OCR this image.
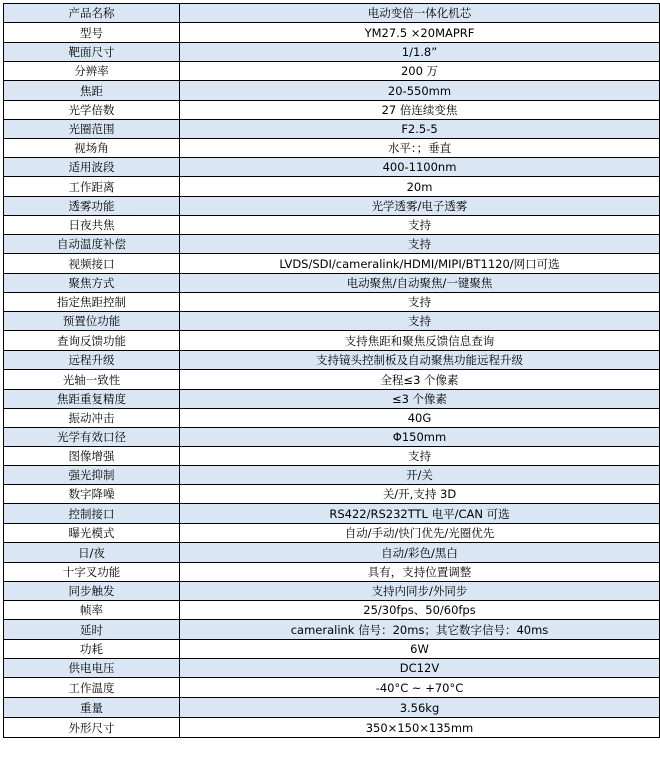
产品名称	电动变倍一体化机芯
型号	YM27.5 ×20MAPRF
靶面尺寸	1/1.8”
分辨率	200 万
焦距	20-550mm
光学倍数	27 倍连续变焦
光圈范围	F2.5-5
视场角	水平：；垂直
适用波段	400-1100nm
工作距离	20m
透雾功能	光学透雾/电子透雾
日夜共焦	支持
自动温度补偿	支持
视频接口	LVDS/SDI/cameralink/HDMI/MIPI/BT1120/网口可选
聚焦方式	电动聚焦/自动聚焦/一键聚焦
指定焦距控制	支持
预置位功能	支持
查询反馈功能	支持焦距和聚焦反馈信息查询
远程升级	支持镜头控制板及自动聚焦功能远程升级
光轴一致性	全程≤3 个像素
焦距重复精度	≤3 个像素
振动冲击	40G
光学有效口径	Φ150mm
图像增强	支持
强光抑制	开/关
数字降噪	关/开,支持 3D
控制接口	RS422/RS232TTL 电平/CAN 可选
曝光模式	自动/手动/快门优先/光圈优先
日/夜	自动/彩色/黑白
十字叉功能	具有，支持位置调整
同步触发	支持内同步/外同步
帧率	25/30fps、50/60fps
延时	cameralink 信号：20ms；其它数字信号：40ms
功耗	6W
供电电压	DC12V
工作温度	-40°C ~ +70°C
重量	3.56kg
外形尺寸	350×150×135mm
